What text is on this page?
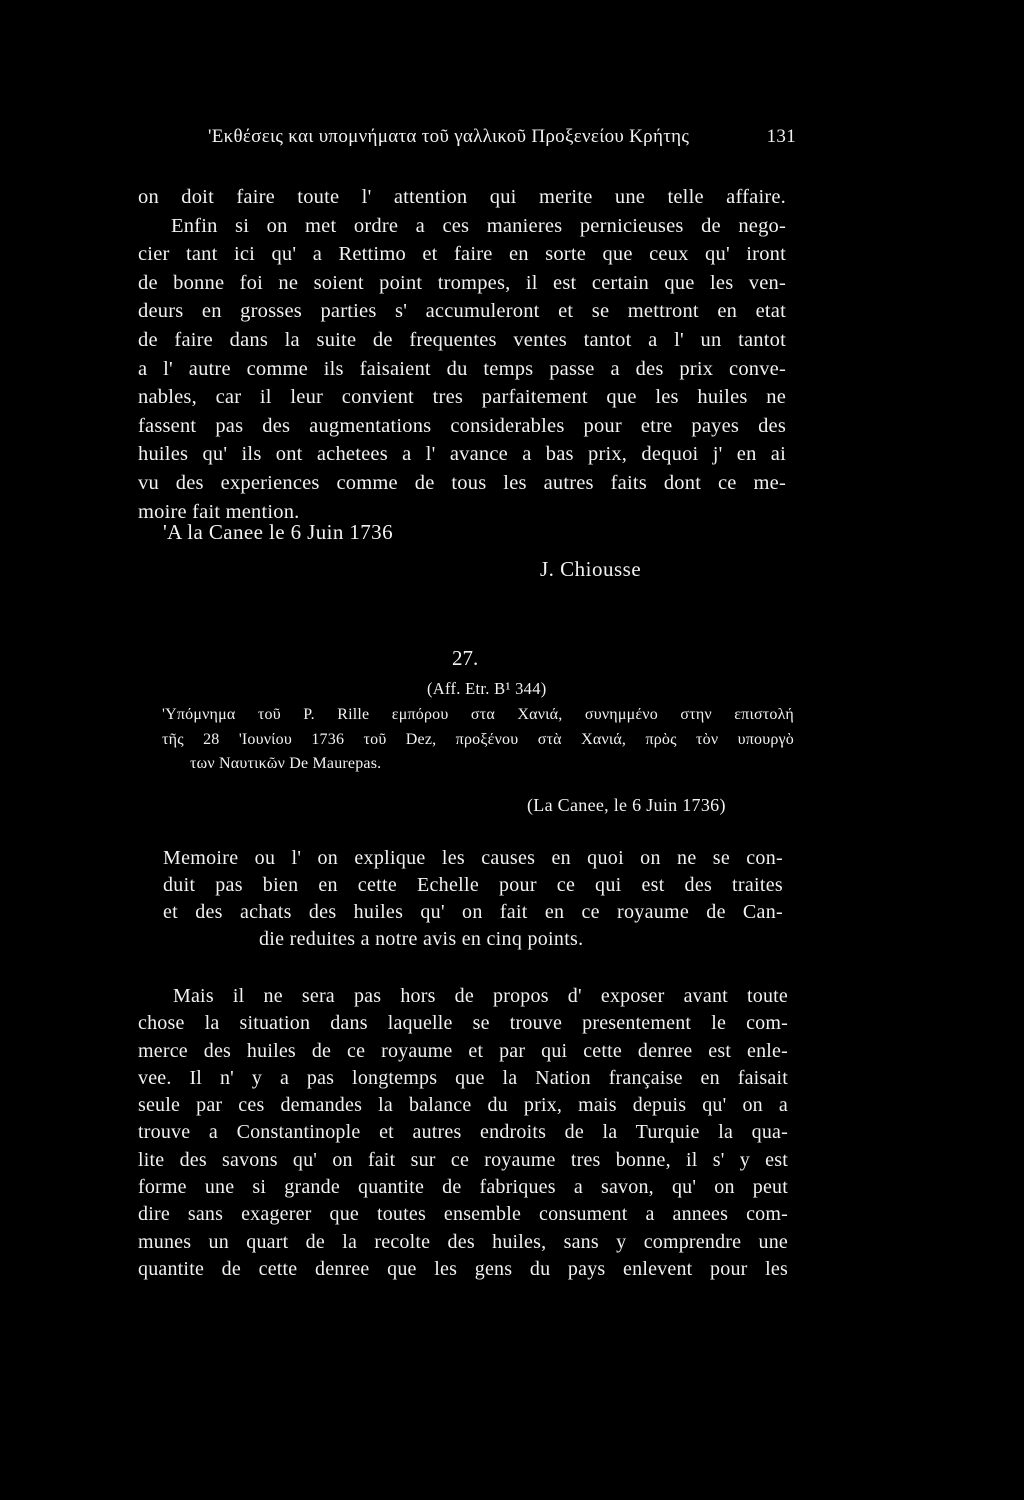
'Εκθέσεις και υπομνήματα τοῦ γαλλικοῦ Προξενείου Κρήτης	131
on doit faire toute l' attention qui merite une telle affaire.
Enfin si on met ordre a ces manieres pernicieuses de nego-
cier tant ici qu' a Rettimo et faire en sorte que ceux qu' iront
de bonne foi ne soient point trompes, il est certain que les ven-
deurs en grosses parties s' accumuleront et se mettront en etat
de faire dans la suite de frequentes ventes tantot a l' un tantot
a l' autre comme ils faisaient du temps passe a des prix conve-
nables, car il leur convient tres parfaitement que les huiles ne
fassent pas des augmentations considerables pour etre payes des
huiles qu' ils ont achetees a l' avance a bas prix, dequoi j' en ai
vu des experiences comme de tous les autres faits dont ce me-
moire fait mention.

'A la Canee le 6 Juin 1736

J. Chiousse

27.

(Aff. Etr. B¹ 344)

'Υπόμνημα τοῦ P. Rille εμπόρου στα Χανιά, συνημμένο στην επιστολή
τῆς 28 'Ιουνίου 1736 τοῦ Dez, προξένου στὰ Χανιά, πρὸς τὸν υπουργὸ
των Ναυτικῶν De Maurepas.

(La Canee, le 6 Juin 1736)

Memoire ou l' on explique les causes en quoi on ne se con-
duit pas bien en cette Echelle pour ce qui est des traites
et des achats des huiles qu' on fait en ce royaume de Can-
die reduites a notre avis en cinq points.
Mais il ne sera pas hors de propos d' exposer avant toute
chose la situation dans laquelle se trouve presentement le com-
merce des huiles de ce royaume et par qui cette denree est enle-
vee. Il n' y a pas longtemps que la Nation française en faisait
seule par ces demandes la balance du prix, mais depuis qu' on a
trouve a Constantinople et autres endroits de la Turquie la qua-
lite des savons qu' on fait sur ce royaume tres bonne, il s' y est
forme une si grande quantite de fabriques a savon, qu' on peut
dire sans exagerer que toutes ensemble consument a annees com-
munes un quart de la recolte des huiles, sans y comprendre une
quantite de cette denree que les gens du pays enlevent pour les
